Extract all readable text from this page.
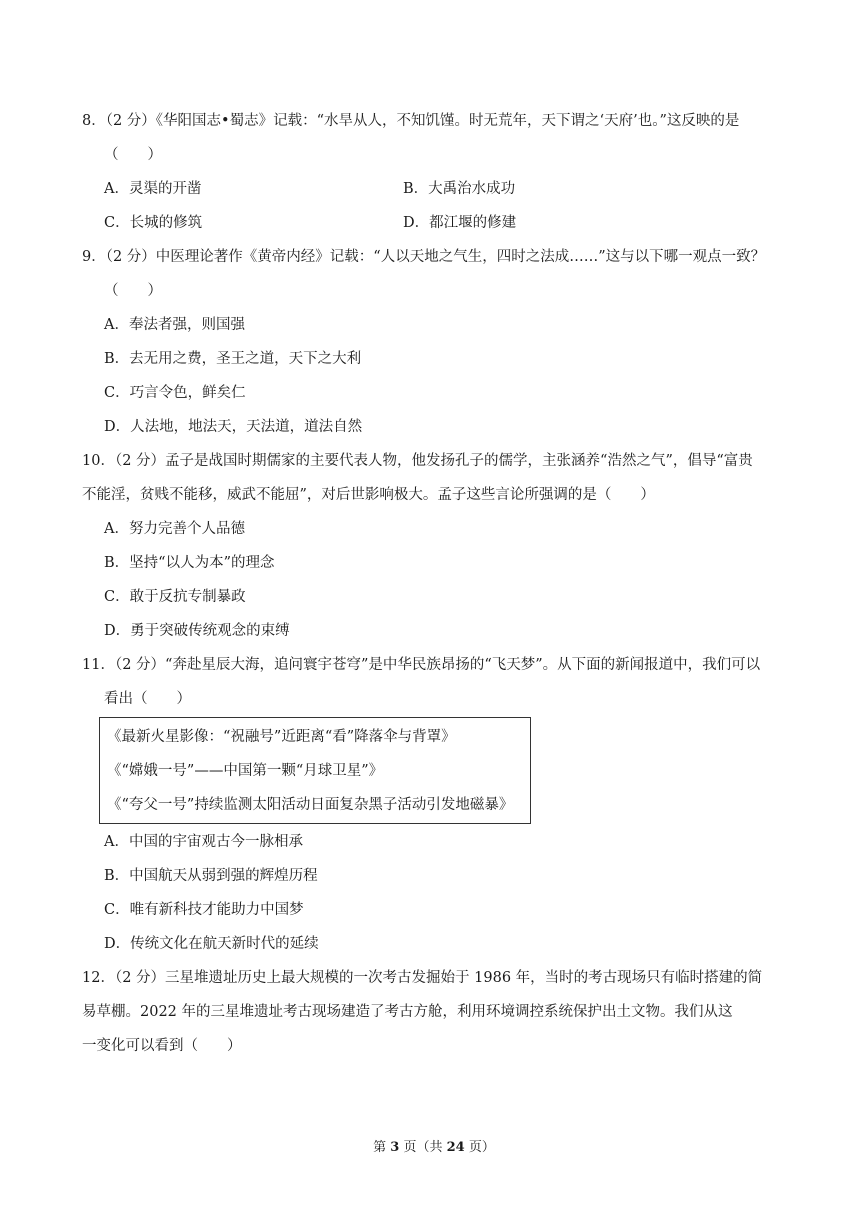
8．（2 分）《华阳国志•蜀志》记载：“水旱从人，不知饥馑。时无荒年，天下谓之‘天府’也。”这反映的是
（　　）
A．灵渠的开凿	B．大禹治水成功
C．长城的修筑	D．都江堰的修建
9．（2 分）中医理论著作《黄帝内经》记载：“人以天地之气生，四时之法成……”这与以下哪一观点一致？
（　　）
A．奉法者强，则国强
B．去无用之费，圣王之道，天下之大利
C．巧言令色，鲜矣仁
D．人法地，地法天，天法道，道法自然
10．（2 分）孟子是战国时期儒家的主要代表人物，他发扬孔子的儒学，主张涵养“浩然之气”，倡导“富贵
不能淫，贫贱不能移，威武不能屈”，对后世影响极大。孟子这些言论所强调的是（　　）
A．努力完善个人品德
B．坚持“以人为本”的理念
C．敢于反抗专制暴政
D．勇于突破传统观念的束缚
11．（2 分）“奔赴星辰大海，追问寰宇苍穹”是中华民族昂扬的“飞天梦”。从下面的新闻报道中，我们可以
看出（　　）
《最新火星影像：“祝融号”近距离“看”降落伞与背罩》
《“嫦娥一号”——中国第一颗“月球卫星”》
《“夸父一号”持续监测太阳活动日面复杂黑子活动引发地磁暴》
A．中国的宇宙观古今一脉相承
B．中国航天从弱到强的辉煌历程
C．唯有新科技才能助力中国梦
D．传统文化在航天新时代的延续
12．（2 分）三星堆遗址历史上最大规模的一次考古发掘始于 1986 年，当时的考古现场只有临时搭建的简
易草棚。2022 年的三星堆遗址考古现场建造了考古方舱，利用环境调控系统保护出土文物。我们从这
一变化可以看到（　　）
第 3 页（共 24 页）
